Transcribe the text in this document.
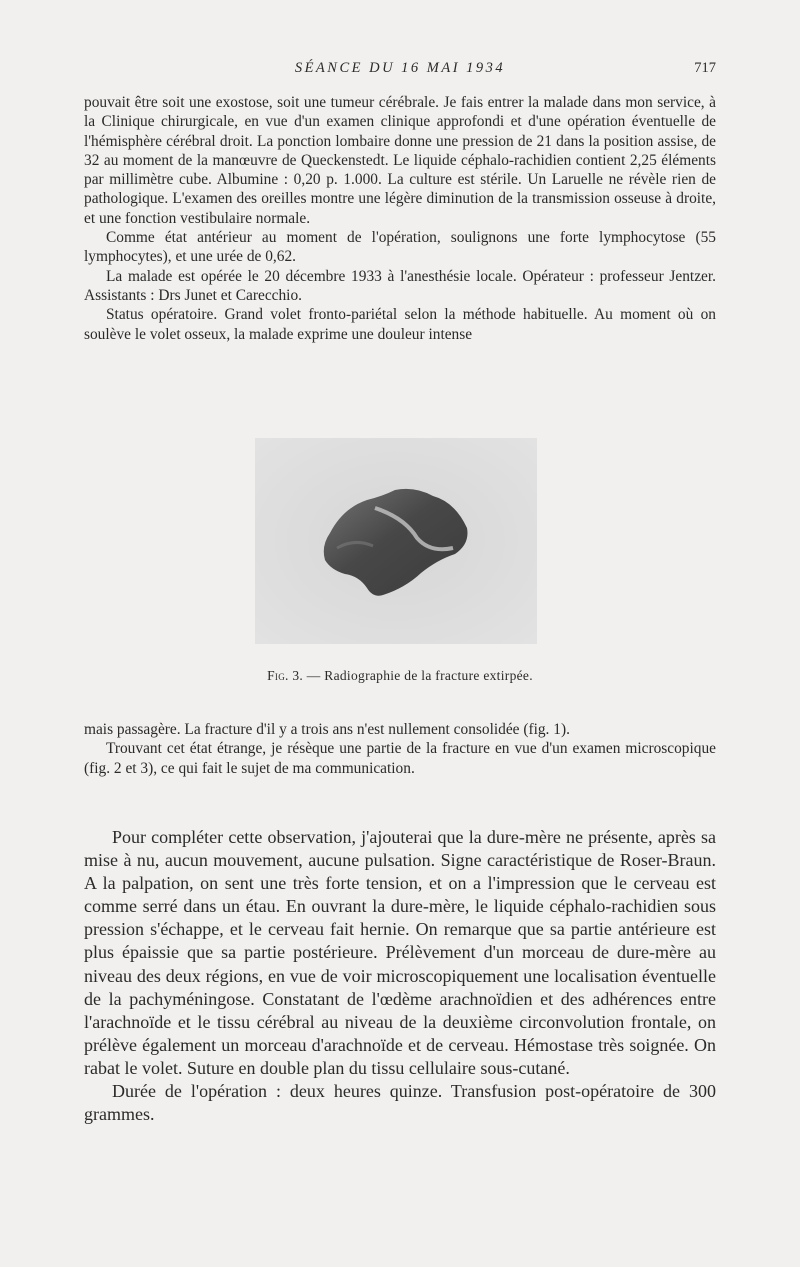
SÉANCE DU 16 MAI 1934	717

pouvait être soit une exostose, soit une tumeur cérébrale. Je fais entrer la malade dans mon service, à la Clinique chirurgicale, en vue d'un examen clinique approfondi et d'une opération éventuelle de l'hémisphère cérébral droit. La ponction lombaire donne une pression de 21 dans la position assise, de 32 au moment de la manœuvre de Queckenstedt. Le liquide céphalo-rachidien contient 2,25 éléments par millimètre cube. Albumine : 0,20 p. 1.000. La culture est stérile. Un Laruelle ne révèle rien de pathologique. L'examen des oreilles montre une légère diminution de la transmission osseuse à droite, et une fonction vestibulaire normale.

Comme état antérieur au moment de l'opération, soulignons une forte lymphocytose (55 lymphocytes), et une urée de 0,62.

La malade est opérée le 20 décembre 1933 à l'anesthésie locale. Opérateur : professeur Jentzer. Assistants : Drs Junet et Carecchio.

Status opératoire. Grand volet fronto-pariétal selon la méthode habituelle. Au moment où on soulève le volet osseux, la malade exprime une douleur intense

Fig. 3. — Radiographie de la fracture extirpée.

mais passagère. La fracture d'il y a trois ans n'est nullement consolidée (fig. 1).

Trouvant cet état étrange, je résèque une partie de la fracture en vue d'un examen microscopique (fig. 2 et 3), ce qui fait le sujet de ma communication.

Pour compléter cette observation, j'ajouterai que la dure-mère ne présente, après sa mise à nu, aucun mouvement, aucune pulsation. Signe caractéristique de Roser-Braun. A la palpation, on sent une très forte tension, et on a l'impression que le cerveau est comme serré dans un étau. En ouvrant la dure-mère, le liquide céphalo-rachidien sous pression s'échappe, et le cerveau fait hernie. On remarque que sa partie antérieure est plus épaissie que sa partie postérieure. Prélèvement d'un morceau de dure-mère au niveau des deux régions, en vue de voir microscopiquement une localisation éventuelle de la pachyméningose. Constatant de l'œdème arachnoïdien et des adhérences entre l'arachnoïde et le tissu cérébral au niveau de la deuxième circonvolution frontale, on prélève également un morceau d'arachnoïde et de cerveau. Hémostase très soignée. On rabat le volet. Suture en double plan du tissu cellulaire sous-cutané.

Durée de l'opération : deux heures quinze. Transfusion post-opératoire de 300 grammes.
